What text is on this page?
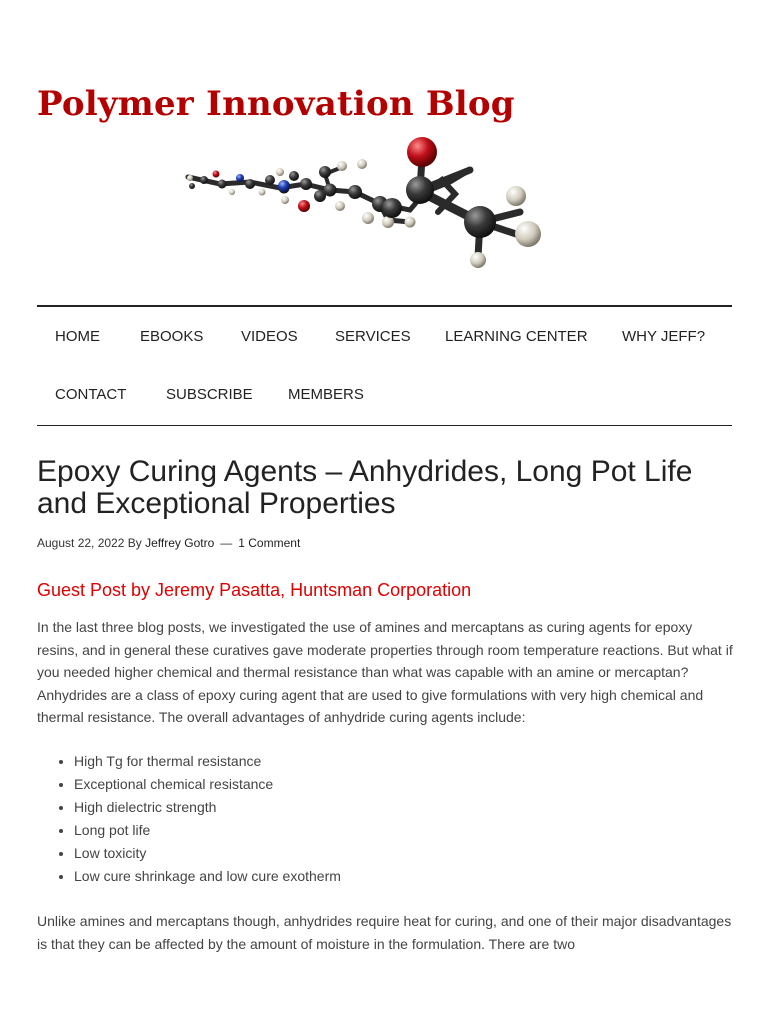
Polymer Innovation Blog
HOME	EBOOKS	VIDEOS SERVICES LEARNING CENTER WHY JEFF?
CONTACT	SUBSCRIBE MEMBERS
Epoxy Curing Agents – Anhydrides, Long Pot Life and Exceptional Properties
August 22, 2022 By Jeffrey Gotro — 1 Comment
Guest Post by Jeremy Pasatta, Huntsman Corporation

In the last three blog posts, we investigated the use of amines and mercaptans as curing agents for epoxy resins, and in general these curatives gave moderate properties through room temperature reactions. But what if you needed higher chemical and thermal resistance than what was capable with an amine or mercaptan? Anhydrides are a class of epoxy curing agent that are used to give formulations with very high chemical and thermal resistance. The overall advantages of anhydride curing agents include:

• High Tg for thermal resistance
• Exceptional chemical resistance
• High dielectric strength
• Long pot life
• Low toxicity
• Low cure shrinkage and low cure exotherm

Unlike amines and mercaptans though, anhydrides require heat for curing, and one of their major disadvantages is that they can be affected by the amount of moisture in the formulation. There are two
